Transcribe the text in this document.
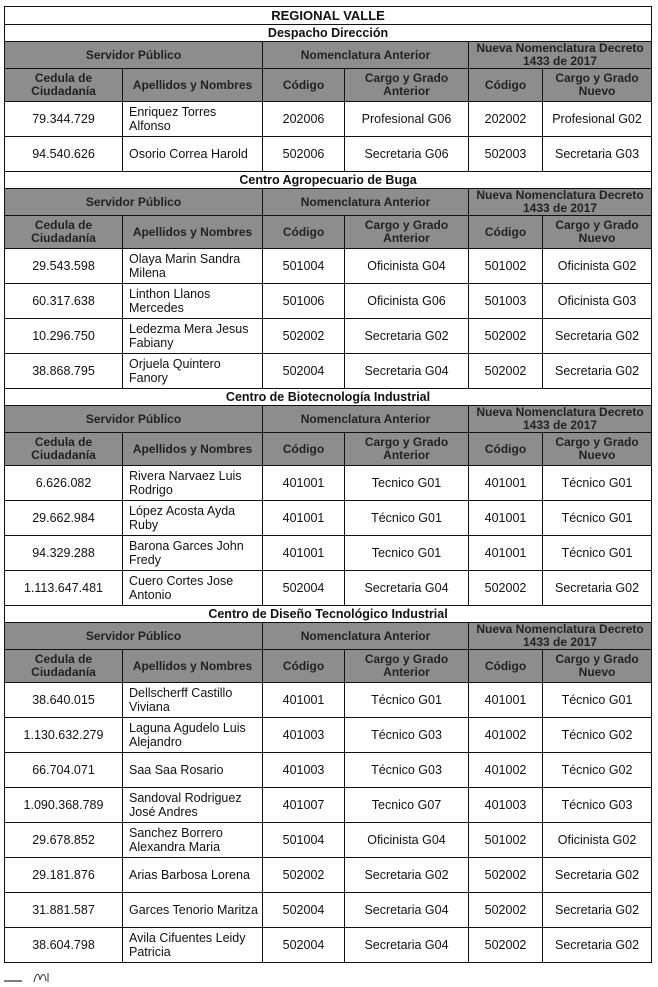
REGIONAL VALLE					
Despacho Dirección					
Servidor Público		Nomenclatura Anterior		Nueva Nomenclatura Decreto 1433 de 2017	
Cedula de Ciudadanía	Apellidos y Nombres	Código	Cargo y Grado Anterior	Código	Cargo y Grado Nuevo
79.344.729	Enriquez Torres Alfonso	202006	Profesional G06	202002	Profesional G02
94.540.626	Osorio Correa Harold	502006	Secretaria G06	502003	Secretaria G03
Centro Agropecuario de Buga					
Servidor Público		Nomenclatura Anterior		Nueva Nomenclatura Decreto 1433 de 2017	
Cedula de Ciudadanía	Apellidos y Nombres	Código	Cargo y Grado Anterior	Código	Cargo y Grado Nuevo
29.543.598	Olaya Marin Sandra Milena	501004	Oficinista G04	501002	Oficinista G02
60.317.638	Linthon Llanos Mercedes	501006	Oficinista G06	501003	Oficinista G03
10.296.750	Ledezma Mera Jesus Fabiany	502002	Secretaria G02	502002	Secretaria G02
38.868.795	Orjuela Quintero Fanory	502004	Secretaria G04	502002	Secretaria G02
Centro de Biotecnología Industrial					
Servidor Público		Nomenclatura Anterior		Nueva Nomenclatura Decreto 1433 de 2017	
Cedula de Ciudadanía	Apellidos y Nombres	Código	Cargo y Grado Anterior	Código	Cargo y Grado Nuevo
6.626.082	Rivera Narvaez Luis Rodrigo	401001	Tecnico G01	401001	Técnico G01
29.662.984	López Acosta Ayda Ruby	401001	Técnico G01	401001	Técnico G01
94.329.288	Barona Garces John Fredy	401001	Tecnico G01	401001	Técnico G01
1.113.647.481	Cuero Cortes Jose Antonio	502004	Secretaria G04	502002	Secretaria G02
Centro de Diseño Tecnológico Industrial					
Servidor Público		Nomenclatura Anterior		Nueva Nomenclatura Decreto 1433 de 2017	
Cedula de Ciudadanía	Apellidos y Nombres	Código	Cargo y Grado Anterior	Código	Cargo y Grado Nuevo
38.640.015	Dellscherff Castillo Viviana	401001	Técnico G01	401001	Técnico G01
1.130.632.279	Laguna Agudelo Luis Alejandro	401003	Técnico G03	401002	Técnico G02
66.704.071	Saa Saa Rosario	401003	Técnico G03	401002	Técnico G02
1.090.368.789	Sandoval Rodriguez José Andres	401007	Tecnico G07	401003	Técnico G03
29.678.852	Sanchez Borrero Alexandra Maria	501004	Oficinista G04	501002	Oficinista G02
29.181.876	Arias Barbosa Lorena	502002	Secretaria G02	502002	Secretaria G02
31.881.587	Garces Tenorio Maritza	502004	Secretaria G04	502002	Secretaria G02
38.604.798	Avila Cifuentes Leidy Patricia	502004	Secretaria G04	502002	Secretaria G02
